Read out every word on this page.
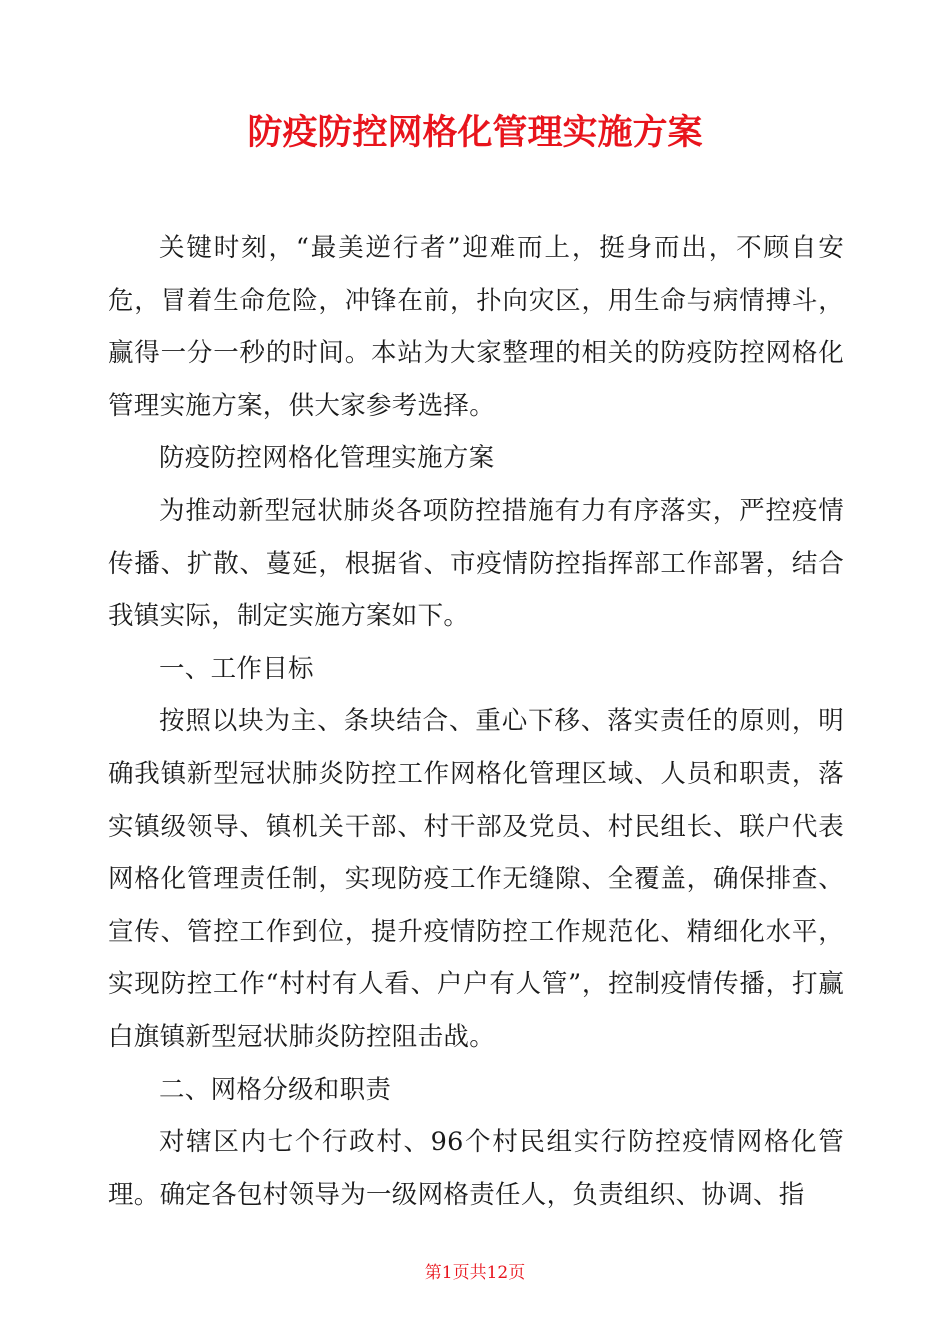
防疫防控网格化管理实施方案

关键时刻，“最美逆行者”迎难而上，挺身而出，不顾自安危，冒着生命危险，冲锋在前，扑向灾区，用生命与病情搏斗，赢得一分一秒的时间。本站为大家整理的相关的防疫防控网格化管理实施方案，供大家参考选择。

防疫防控网格化管理实施方案

为推动新型冠状肺炎各项防控措施有力有序落实，严控疫情传播、扩散、蔓延，根据省、市疫情防控指挥部工作部署，结合我镇实际，制定实施方案如下。

一、工作目标

按照以块为主、条块结合、重心下移、落实责任的原则，明确我镇新型冠状肺炎防控工作网格化管理区域、人员和职责，落实镇级领导、镇机关干部、村干部及党员、村民组长、联户代表网格化管理责任制，实现防疫工作无缝隙、全覆盖，确保排查、宣传、管控工作到位，提升疫情防控工作规范化、精细化水平，实现防控工作“村村有人看、户户有人管”，控制疫情传播，打赢白旗镇新型冠状肺炎防控阻击战。

二、网格分级和职责

对辖区内七个行政村、96个村民组实行防控疫情网格化管理。确定各包村领导为一级网格责任人，负责组织、协调、指

第1页共12页
